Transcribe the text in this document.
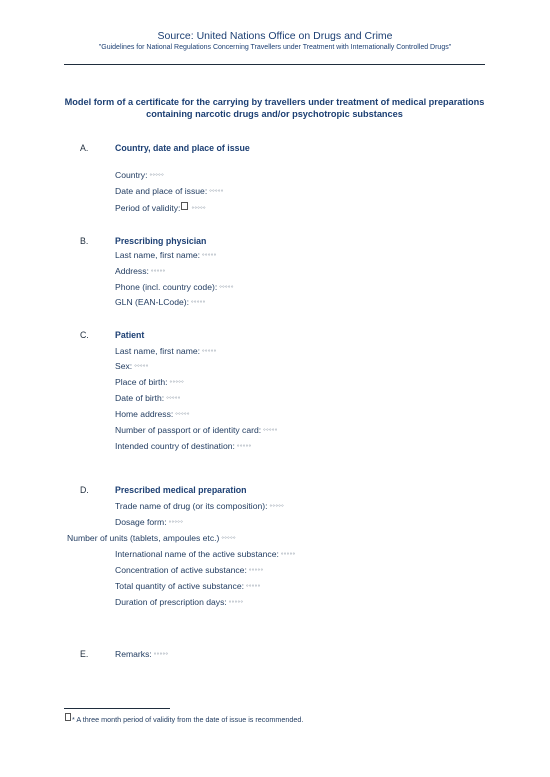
Source: United Nations Office on Drugs and Crime
"Guidelines for National Regulations Concerning Travellers under Treatment with Internationally Controlled Drugs"
Model form of a certificate for the carrying by travellers under treatment of medical preparations containing narcotic drugs and/or psychotropic substances
A.	Country, date and place of issue
Country: °°°°°
Date and place of issue: °°°°°
Period of validity: °°°°°
B.	Prescribing physician
Last name, first name: °°°°°
Address: °°°°°
Phone (incl. country code): °°°°°
GLN (EAN-LCode): °°°°°
C.	Patient
Last name, first name: °°°°°
Sex: °°°°°
Place of birth: °°°°°
Date of birth: °°°°°
Home address: °°°°°
Number of passport or of identity card: °°°°°
Intended country of destination: °°°°°
D.	Prescribed medical preparation
Trade name of drug (or its composition): °°°°°
Dosage form: °°°°°
Number of units (tablets, ampoules etc.) °°°°°
International name of the active substance: °°°°°
Concentration of active substance: °°°°°
Total quantity of active substance: °°°°°
Duration of prescription days: °°°°°
E.	Remarks: °°°°°
* A three month period of validity from the date of issue is recommended.
